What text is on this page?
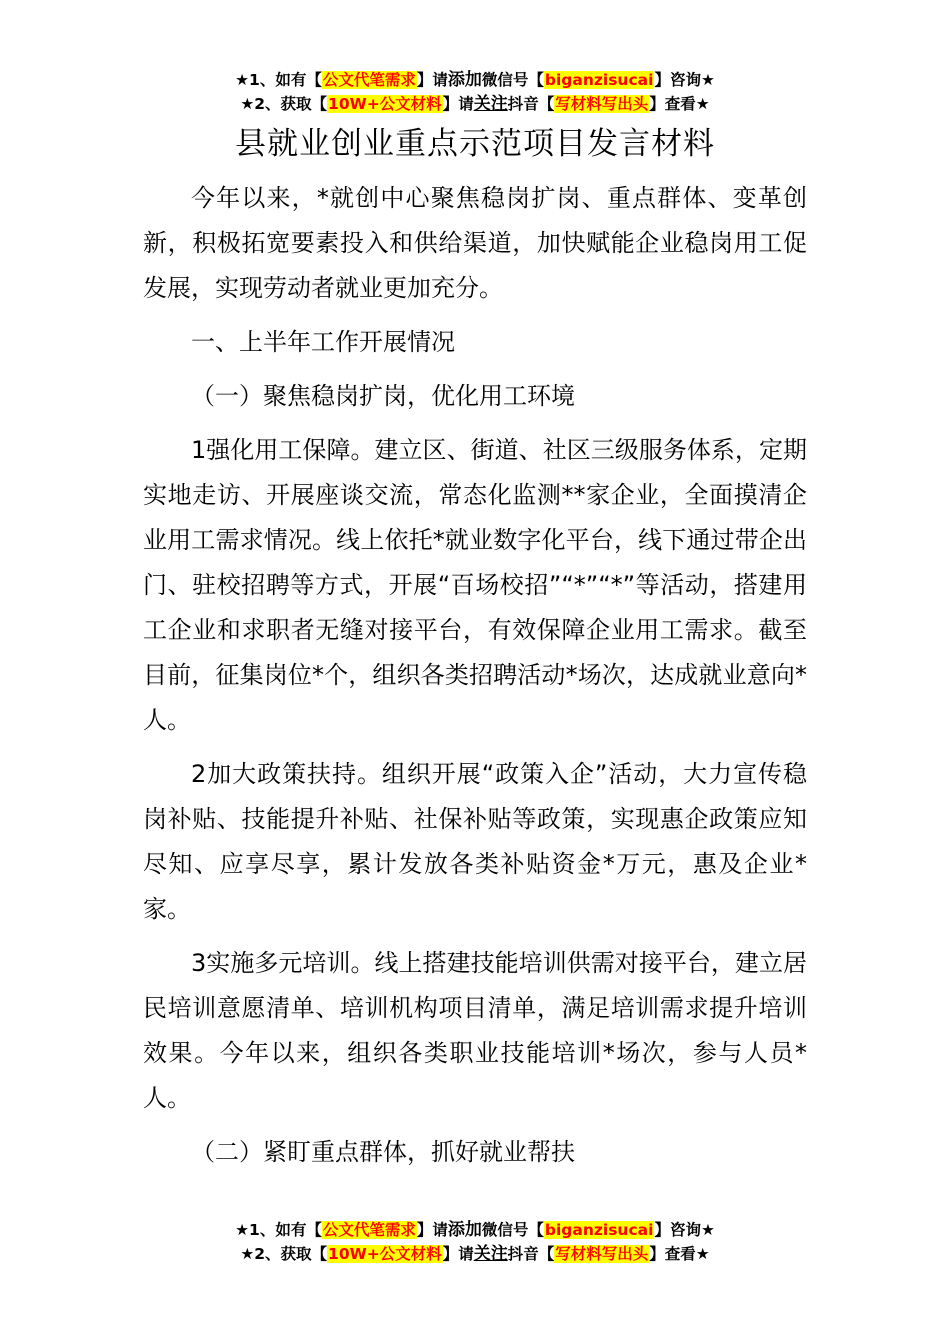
★1、如有【公文代笔需求】请添加微信号【biganzisucai】咨询★
★2、获取【10W+公文材料】请关注抖音【写材料写出头】查看★
县就业创业重点示范项目发言材料

今年以来，*就创中心聚焦稳岗扩岗、重点群体、变革创新，积极拓宽要素投入和供给渠道，加快赋能企业稳岗用工促发展，实现劳动者就业更加充分。

一、上半年工作开展情况

（一）聚焦稳岗扩岗，优化用工环境

1强化用工保障。建立区、街道、社区三级服务体系，定期实地走访、开展座谈交流，常态化监测**家企业，全面摸清企业用工需求情况。线上依托*就业数字化平台，线下通过带企出门、驻校招聘等方式，开展“百场校招”“*”“*”等活动，搭建用工企业和求职者无缝对接平台，有效保障企业用工需求。截至目前，征集岗位*个，组织各类招聘活动*场次，达成就业意向*人。

2加大政策扶持。组织开展“政策入企”活动，大力宣传稳岗补贴、技能提升补贴、社保补贴等政策，实现惠企政策应知尽知、应享尽享，累计发放各类补贴资金*万元，惠及企业*家。

3实施多元培训。线上搭建技能培训供需对接平台，建立居民培训意愿清单、培训机构项目清单，满足培训需求提升培训效果。今年以来，组织各类职业技能培训*场次，参与人员*人。

（二）紧盯重点群体，抓好就业帮扶

★1、如有【公文代笔需求】请添加微信号【biganzisucai】咨询★
★2、获取【10W+公文材料】请关注抖音【写材料写出头】查看★
